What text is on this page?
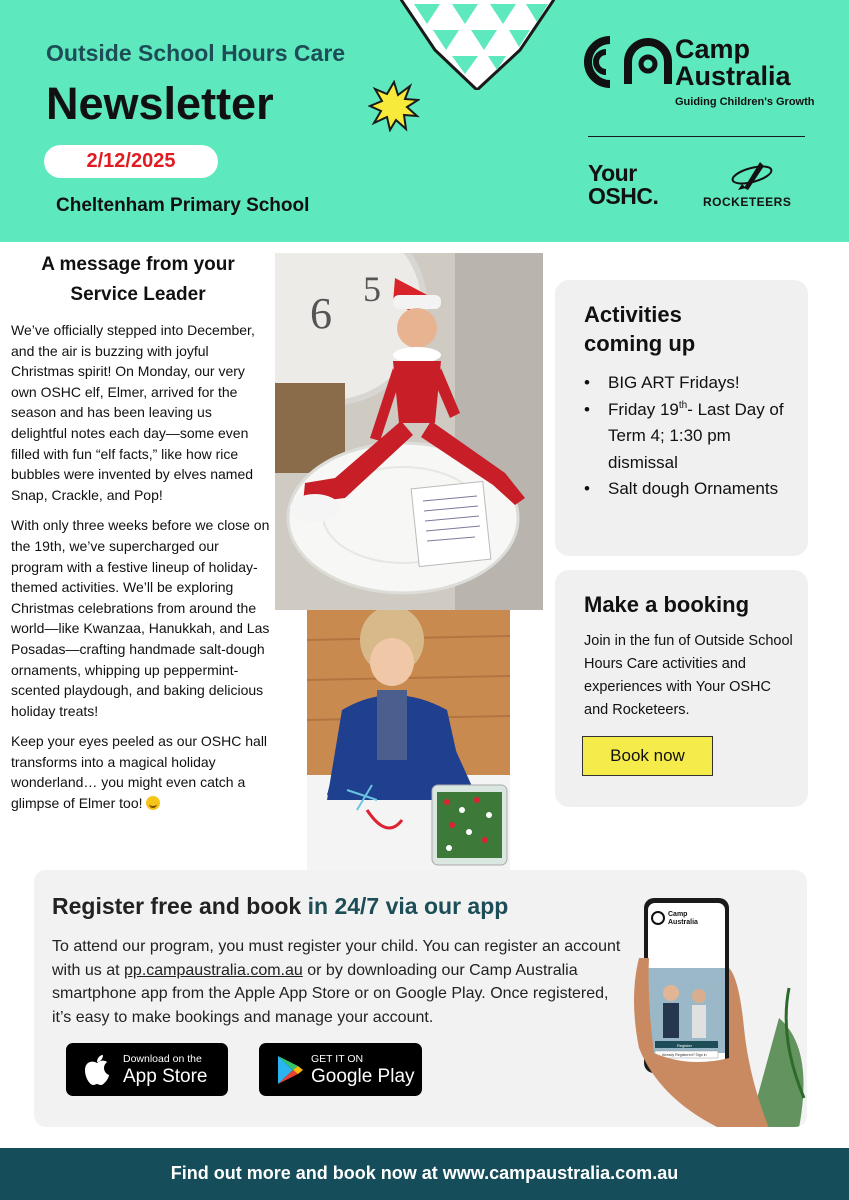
Outside School Hours Care
Newsletter
2/12/2025
Cheltenham Primary School
Camp
Australia
Guiding Children's Growth
Your
OSHC.	ROCKETEERS
A message from your
Service Leader

We’ve officially stepped into December, and the air is buzzing with joyful Christmas spirit! On Monday, our very own OSHC elf, Elmer, arrived for the season and has been leaving us delightful notes each day—some even filled with fun “elf facts,” like how rice bubbles were invented by elves named Snap, Crackle, and Pop!

With only three weeks before we close on the 19th, we’ve supercharged our program with a festive lineup of holiday-themed activities. We’ll be exploring Christmas celebrations from around the world—like Kwanzaa, Hanukkah, and Las Posadas—crafting handmade salt-dough ornaments, whipping up peppermint-scented playdough, and baking delicious holiday treats!

Keep your eyes peeled as our OSHC hall transforms into a magical holiday wonderland… you might even catch a glimpse of Elmer too!

6 5
Activities
coming up
• BIG ART Fridays!
• Friday 19th- Last Day of Term 4; 1:30 pm dismissal
• Salt dough Ornaments
Make a booking
Join in the fun of Outside School Hours Care activities and experiences with Your OSHC and Rocketeers.
Book now
Register free and book in 24/7 via our app
To attend our program, you must register your child. You can register an account with us at pp.campaustralia.com.au or by downloading our Camp Australia smartphone app from the Apple App Store or on Google Play. Once registered, it’s easy to make bookings and manage your account.
Download on the
App Store
GET IT ON
Google Play
Camp
Australia
Register
Already Registered? Sign in
Find out more and book now at www.campaustralia.com.au
